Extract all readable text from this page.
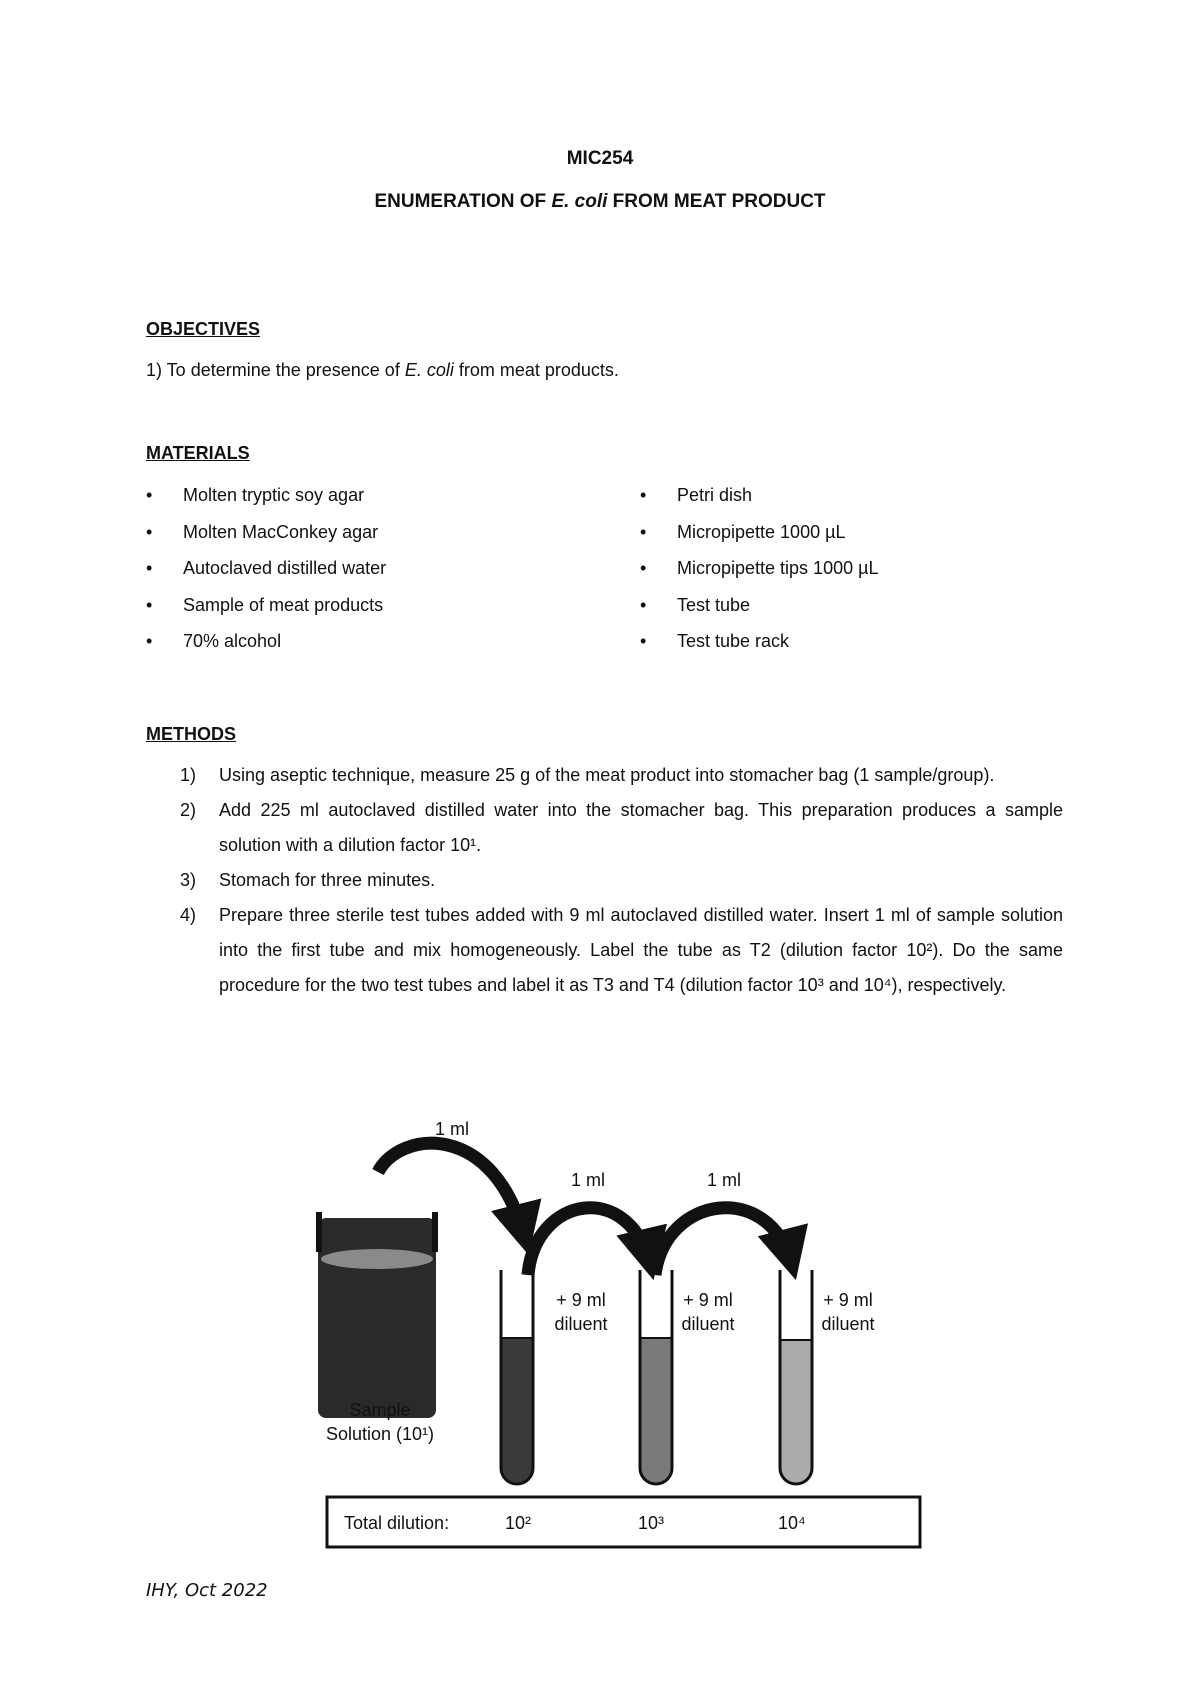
MIC254
ENUMERATION OF E. coli FROM MEAT PRODUCT
OBJECTIVES
1) To determine the presence of E. coli from meat products.
MATERIALS
• Molten tryptic soy agar
• Molten MacConkey agar
• Autoclaved distilled water
• Sample of meat products
• 70% alcohol
• Petri dish
• Micropipette 1000 µL
• Micropipette tips 1000 µL
• Test tube
• Test tube rack
METHODS
1) Using aseptic technique, measure 25 g of the meat product into stomacher bag (1 sample/group).
2) Add 225 ml autoclaved distilled water into the stomacher bag. This preparation produces a sample solution with a dilution factor 10¹.
3) Stomach for three minutes.
4) Prepare three sterile test tubes added with 9 ml autoclaved distilled water. Insert 1 ml of sample solution into the first tube and mix homogeneously. Label the tube as T2 (dilution factor 10²). Do the same procedure for the two test tubes and label it as T3 and T4 (dilution factor 10³ and 10⁴), respectively.
1 ml
1 ml	1 ml
+ 9 ml
diluent
+ 9 ml
diluent
+ 9 ml
diluent
Sample
Solution (10¹)
Total dilution:	10²	10³	10⁴
IHY, Oct 2022
